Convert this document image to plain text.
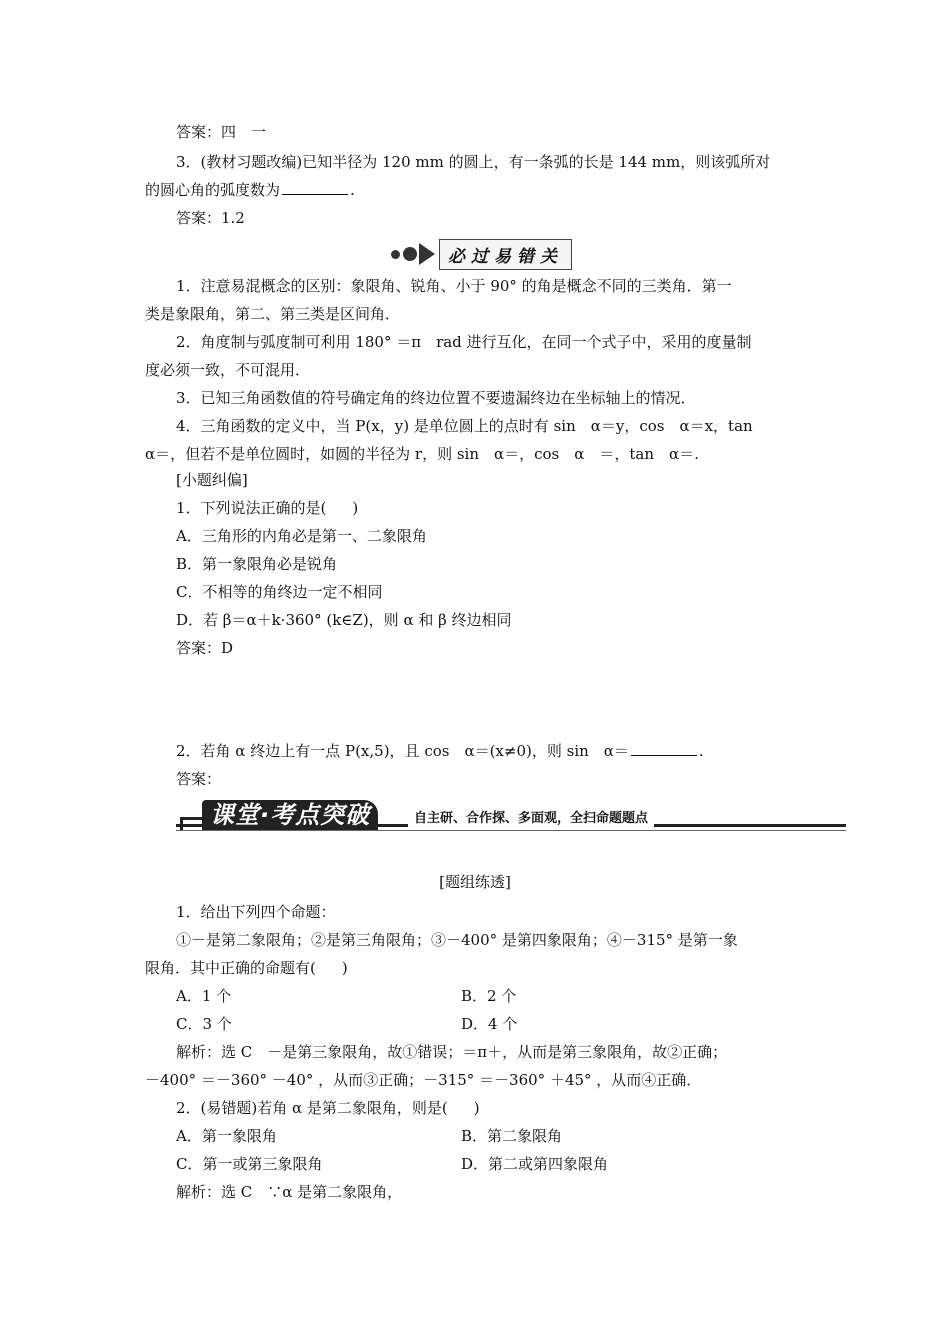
答案：四　一
3．(教材习题改编)已知半径为 120 mm 的圆上，有一条弧的长是 144 mm，则该弧所对
的圆心角的弧度数为	.
答案：1.2
必过易错关
1．注意易混概念的区别：象限角、锐角、小于 90° 的角是概念不同的三类角．第一
类是象限角，第二、第三类是区间角．
2．角度制与弧度制可利用 180° ＝π　rad 进行互化，在同一个式子中，采用的度量制
度必须一致，不可混用．
3．已知三角函数值的符号确定角的终边位置不要遗漏终边在坐标轴上的情况．
4．三角函数的定义中，当 P(x，y) 是单位圆上的点时有 sin　α＝y，cos　α＝x，tan
α＝，但若不是单位圆时，如圆的半径为 r，则 sin　α＝，cos　α　＝，tan　α＝.
[小题纠偏]
1．下列说法正确的是( )
A．三角形的内角必是第一、二象限角
B．第一象限角必是锐角
C．不相等的角终边一定不相同
D．若 β＝α＋k·360° (k∈Z)，则 α 和 β 终边相同
答案：D
2．若角 α 终边上有一点 P(x,5)，且 cos　α＝(x≠0)，则 sin　α＝	.
答案：
课堂·考点突破	自主研、合作探、多面观，全扫命题题点
[题组练透]
1．给出下列四个命题：
①－是第二象限角；②是第三角限角；③－400° 是第四象限角；④－315° 是第一象
限角．其中正确的命题有( )
A．1 个	B．2 个
C．3 个	D．4 个
解析：选 C　－是第三象限角，故①错误；＝π＋，从而是第三象限角，故②正确；
－400° ＝－360° －40° ，从而③正确；－315° ＝－360° ＋45° ，从而④正确．
2．(易错题)若角 α 是第二象限角，则是( )
A．第一象限角	B．第二象限角
C．第一或第三象限角	D．第二或第四象限角
解析：选 C　∵α 是第二象限角，
